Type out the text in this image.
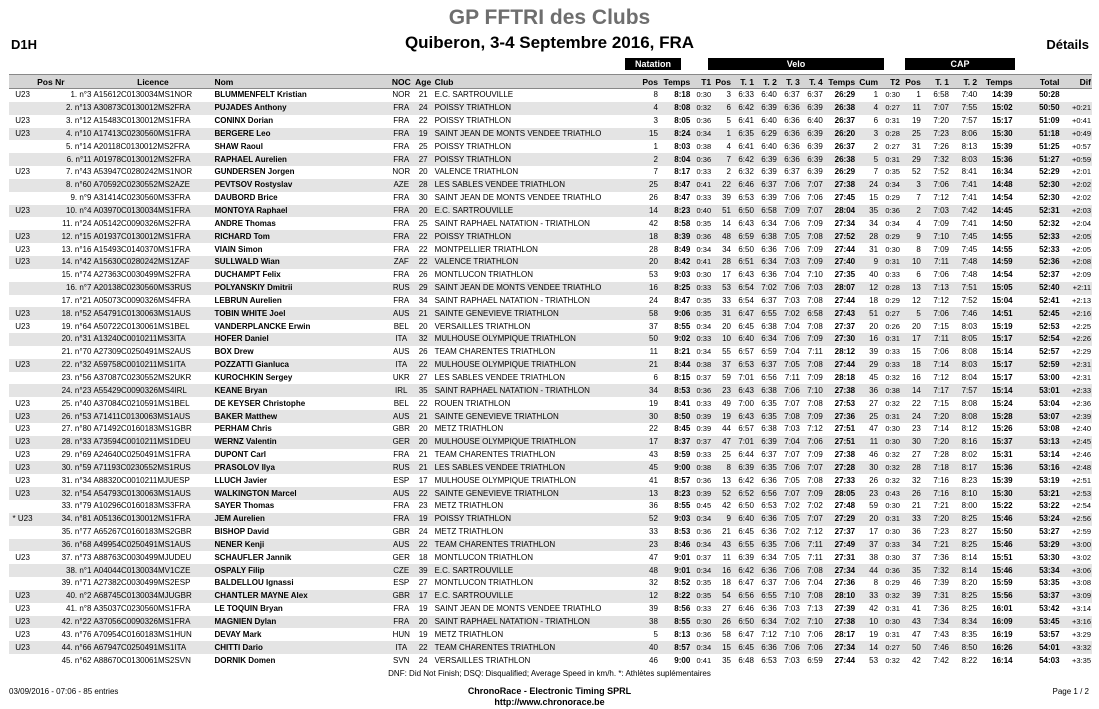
GP FFTRI des Clubs
D1H	Quiberon, 3-4 Septembre 2016, FRA	Détails
Natation	Velo	CAP
	Pos Nr	Licence	Nom	NOC	Age	Club	Pos	Temps	T1	Pos	T. 1	T. 2	T. 3	T. 4	Temps	Cum	T2	Pos	T. 1	T. 2	Temps	Total	Dif
U23	1. n°3	A15612C0130034MS1NOR	BLUMMENFELT Kristian	NOR	21	E.C. SARTROUVILLE	8	8:18	0:30	3	6:33	6:40	6:37	6:37	26:29	1	0:30	1	6:58	7:40	14:39	50:28	
	2. n°13	A30873C0130012MS2FRA	PUJADES Anthony	FRA	24	POISSY TRIATHLON	4	8:08	0:32	6	6:42	6:39	6:36	6:39	26:38	4	0:27	11	7:07	7:55	15:02	50:50	+0:21
U23	3. n°12	A15483C0130012MS1FRA	CONINX Dorian	FRA	22	POISSY TRIATHLON	3	8:05	0:36	5	6:41	6:40	6:36	6:40	26:37	6	0:31	19	7:20	7:57	15:17	51:09	+0:41
U23	4. n°10	A17413C0230560MS1FRA	BERGERE Leo	FRA	19	SAINT JEAN DE MONTS VENDEE TRIATHLO	15	8:24	0:34	1	6:35	6:29	6:36	6:39	26:20	3	0:28	25	7:23	8:06	15:30	51:18	+0:49
	5. n°14	A20118C0130012MS2FRA	SHAW Raoul	FRA	25	POISSY TRIATHLON	1	8:03	0:38	4	6:41	6:40	6:36	6:39	26:37	2	0:27	31	7:26	8:13	15:39	51:25	+0:57
	6. n°11	A01978C0130012MS2FRA	RAPHAEL Aurelien	FRA	27	POISSY TRIATHLON	2	8:04	0:36	7	6:42	6:39	6:36	6:39	26:38	5	0:31	29	7:32	8:03	15:36	51:27	+0:59
U23	7. n°43	A53947C0280242MS1NOR	GUNDERSEN Jorgen	NOR	20	VALENCE TRIATHLON	7	8:17	0:33	2	6:32	6:39	6:37	6:39	26:29	7	0:35	52	7:52	8:41	16:34	52:29	+2:01
	8. n°60	A70592C0230552MS2AZE	PEVTSOV Rostyslav	AZE	28	LES SABLES VENDEE TRIATHLON	25	8:47	0:41	22	6:46	6:37	7:06	7:07	27:38	24	0:34	3	7:06	7:41	14:48	52:30	+2:02
	9. n°9	A31414C0230560MS3FRA	DAUBORD Brice	FRA	30	SAINT JEAN DE MONTS VENDEE TRIATHLO	26	8:47	0:33	39	6:53	6:39	7:06	7:06	27:45	15	0:29	7	7:12	7:41	14:54	52:30	+2:02
U23	10. n°4	A03970C0130034MS1FRA	MONTOYA Raphael	FRA	20	E.C. SARTROUVILLE	14	8:23	0:40	51	6:50	6:58	7:09	7:07	28:04	35	0:36	2	7:03	7:42	14:45	52:31	+2:03
	11. n°24	A05142C0090326MS2FRA	ANDRE Thomas	FRA	25	SAINT RAPHAEL NATATION - TRIATHLON	42	8:58	0:35	14	6:43	6:34	7:06	7:09	27:34	34	0:34	4	7:09	7:41	14:50	52:32	+2:04
U23	12. n°15	A01937C0130012MS1FRA	RICHARD Tom	FRA	22	POISSY TRIATHLON	18	8:39	0:36	48	6:59	6:38	7:05	7:08	27:52	28	0:29	9	7:10	7:45	14:55	52:33	+2:05
U23	13. n°16	A15493C0140370MS1FRA	VIAIN Simon	FRA	22	MONTPELLIER TRIATHLON	28	8:49	0:34	34	6:50	6:36	7:06	7:09	27:44	31	0:30	8	7:09	7:45	14:55	52:33	+2:05
U23	14. n°42	A15630C0280242MS1ZAF	SULLWALD Wian	ZAF	22	VALENCE TRIATHLON	20	8:42	0:41	28	6:51	6:34	7:03	7:09	27:40	9	0:31	10	7:11	7:48	14:59	52:36	+2:08
	15. n°74	A27363C0030499MS2FRA	DUCHAMPT Felix	FRA	26	MONTLUCON TRIATHLON	53	9:03	0:30	17	6:43	6:36	7:04	7:10	27:35	40	0:33	6	7:06	7:48	14:54	52:37	+2:09
	16. n°7	A20138C0230560MS3RUS	POLYANSKIY Dmitrii	RUS	29	SAINT JEAN DE MONTS VENDEE TRIATHLO	16	8:25	0:33	53	6:54	7:02	7:06	7:03	28:07	12	0:28	13	7:13	7:51	15:05	52:40	+2:11
	17. n°21	A05073C0090326MS4FRA	LEBRUN Aurelien	FRA	34	SAINT RAPHAEL NATATION - TRIATHLON	24	8:47	0:35	33	6:54	6:37	7:03	7:08	27:44	18	0:29	12	7:12	7:52	15:04	52:41	+2:13
U23	18. n°52	A54791C0130063MS1AUS	TOBIN WHITE Joel	AUS	21	SAINTE GENEVIEVE TRIATHLON	58	9:06	0:35	31	6:47	6:55	7:02	6:58	27:43	51	0:27	5	7:06	7:46	14:51	52:45	+2:16
U23	19. n°64	A50722C0130061MS1BEL	VANDERPLANCKE Erwin	BEL	20	VERSAILLES TRIATHLON	37	8:55	0:34	20	6:45	6:38	7:04	7:08	27:37	20	0:26	20	7:15	8:03	15:19	52:53	+2:25
	20. n°31	A13240C0010211MS3ITA	HOFER Daniel	ITA	32	MULHOUSE OLYMPIQUE TRIATHLON	50	9:02	0:33	10	6:40	6:34	7:06	7:09	27:30	16	0:31	17	7:11	8:05	15:17	52:54	+2:26
	21. n°70	A27309C0250491MS2AUS	BOX Drew	AUS	26	TEAM CHARENTES TRIATHLON	11	8:21	0:34	55	6:57	6:59	7:04	7:11	28:12	39	0:33	15	7:06	8:08	15:14	52:57	+2:29
U23	22. n°32	A59758C0010211MS1ITA	POZZATTI Gianluca	ITA	22	MULHOUSE OLYMPIQUE TRIATHLON	21	8:44	0:38	37	6:53	6:37	7:05	7:08	27:44	29	0:33	18	7:14	8:03	15:17	52:59	+2:31
	23. n°56	A37087C0230552MS2UKR	KUROCHKIN Sergey	UKR	27	LES SABLES VENDEE TRIATHLON	6	8:15	0:37	59	7:01	6:56	7:11	7:09	28:18	45	0:32	16	7:12	8:04	15:17	53:00	+2:31
	24. n°23	A55429C0090326MS4IRL	KEANE Bryan	IRL	35	SAINT RAPHAEL NATATION - TRIATHLON	34	8:53	0:36	23	6:43	6:38	7:06	7:10	27:38	36	0:38	14	7:17	7:57	15:14	53:01	+2:33
U23	25. n°40	A37084C0210591MS1BEL	DE KEYSER Christophe	BEL	22	ROUEN TRIATHLON	19	8:41	0:33	49	7:00	6:35	7:07	7:08	27:53	27	0:32	22	7:15	8:08	15:24	53:04	+2:36
U23	26. n°53	A71411C0130063MS1AUS	BAKER Matthew	AUS	21	SAINTE GENEVIEVE TRIATHLON	30	8:50	0:39	19	6:43	6:35	7:08	7:09	27:36	25	0:31	24	7:20	8:08	15:28	53:07	+2:39
U23	27. n°80	A71492C0160183MS1GBR	PERHAM Chris	GBR	20	METZ TRIATHLON	22	8:45	0:39	44	6:57	6:38	7:03	7:12	27:51	47	0:30	23	7:14	8:12	15:26	53:08	+2:40
U23	28. n°33	A73594C0010211MS1DEU	WERNZ Valentin	GER	20	MULHOUSE OLYMPIQUE TRIATHLON	17	8:37	0:37	47	7:01	6:39	7:04	7:06	27:51	11	0:30	30	7:20	8:16	15:37	53:13	+2:45
U23	29. n°69	A24640C0250491MS1FRA	DUPONT Carl	FRA	21	TEAM CHARENTES TRIATHLON	43	8:59	0:33	25	6:44	6:37	7:07	7:09	27:38	46	0:32	27	7:28	8:02	15:31	53:14	+2:46
U23	30. n°59	A71193C0230552MS1RUS	PRASOLOV Ilya	RUS	21	LES SABLES VENDEE TRIATHLON	45	9:00	0:38	8	6:39	6:35	7:06	7:07	27:28	30	0:32	28	7:18	8:17	15:36	53:16	+2:48
U23	31. n°34	A88320C0010211MJUESP	LLUCH Javier	ESP	17	MULHOUSE OLYMPIQUE TRIATHLON	41	8:57	0:36	13	6:42	6:36	7:05	7:08	27:33	26	0:32	32	7:16	8:23	15:39	53:19	+2:51
U23	32. n°54	A54793C0130063MS1AUS	WALKINGTON Marcel	AUS	22	SAINTE GENEVIEVE TRIATHLON	13	8:23	0:39	52	6:52	6:56	7:07	7:09	28:05	23	0:43	26	7:16	8:10	15:30	53:21	+2:53
	33. n°79	A10296C0160183MS3FRA	SAYER Thomas	FRA	23	METZ TRIATHLON	36	8:55	0:45	42	6:50	6:53	7:02	7:02	27:48	59	0:30	21	7:21	8:00	15:22	53:22	+2:54
* U23	34. n°81	A05136C0130012MS1FRA	JEM Aurelien	FRA	19	POISSY TRIATHLON	52	9:03	0:34	9	6:40	6:36	7:05	7:07	27:29	20	0:31	33	7:20	8:25	15:46	53:24	+2:56
	35. n°77	A65267C0160183MS2GBR	BISHOP David	GBR	24	METZ TRIATHLON	33	8:53	0:36	21	6:45	6:36	7:02	7:12	27:37	17	0:30	36	7:23	8:27	15:50	53:27	+2:59
	36. n°68	A49954C0250491MS1AUS	NENER Kenji	AUS	22	TEAM CHARENTES TRIATHLON	23	8:46	0:34	43	6:55	6:35	7:06	7:11	27:49	37	0:33	34	7:21	8:25	15:46	53:29	+3:00
U23	37. n°73	A88763C0030499MJUDEU	SCHAUFLER Jannik	GER	18	MONTLUCON TRIATHLON	47	9:01	0:37	11	6:39	6:34	7:05	7:11	27:31	38	0:30	37	7:36	8:14	15:51	53:30	+3:02
	38. n°1	A04044C0130034MV1CZE	OSPALY Filip	CZE	39	E.C. SARTROUVILLE	48	9:01	0:34	16	6:42	6:36	7:06	7:08	27:34	44	0:36	35	7:32	8:14	15:46	53:34	+3:06
	39. n°71	A27382C0030499MS2ESP	BALDELLOU Ignassi	ESP	27	MONTLUCON TRIATHLON	32	8:52	0:35	18	6:47	6:37	7:06	7:04	27:36	8	0:29	46	7:39	8:20	15:59	53:35	+3:08
U23	40. n°2	A68745C0130034MJUGBR	CHANTLER MAYNE Alex	GBR	17	E.C. SARTROUVILLE	12	8:22	0:35	54	6:56	6:55	7:10	7:08	28:10	33	0:32	39	7:31	8:25	15:56	53:37	+3:09
U23	41. n°8	A35037C0230560MS1FRA	LE TOQUIN Bryan	FRA	19	SAINT JEAN DE MONTS VENDEE TRIATHLO	39	8:56	0:33	27	6:46	6:36	7:03	7:13	27:39	42	0:31	41	7:36	8:25	16:01	53:42	+3:14
U23	42. n°22	A37056C0090326MS1FRA	MAGNIEN Dylan	FRA	20	SAINT RAPHAEL NATATION - TRIATHLON	38	8:55	0:30	26	6:50	6:34	7:02	7:10	27:38	10	0:30	43	7:34	8:34	16:09	53:45	+3:16
U23	43. n°76	A70954C0160183MS1HUN	DEVAY Mark	HUN	19	METZ TRIATHLON	5	8:13	0:36	58	6:47	7:12	7:10	7:06	28:17	19	0:31	47	7:43	8:35	16:19	53:57	+3:29
U23	44. n°66	A67947C0250491MS1ITA	CHITTI Dario	ITA	22	TEAM CHARENTES TRIATHLON	40	8:57	0:34	15	6:45	6:36	7:06	7:06	27:34	14	0:27	50	7:46	8:50	16:26	54:01	+3:32
	45. n°62	A88670C0130061MS2SVN	DORNIK Domen	SVN	24	VERSAILLES TRIATHLON	46	9:00	0:41	35	6:48	6:53	7:03	6:59	27:44	53	0:32	42	7:42	8:22	16:14	54:03	+3:35
DNF: Did Not Finish; DSQ: Disqualified; Average Speed in km/h. *: Athlètes suplémentaires
03/09/2016 - 07:06 - 85 entries	ChronoRace - Electronic Timing SPRL
http://www.chronorace.be
Page 1 / 2
